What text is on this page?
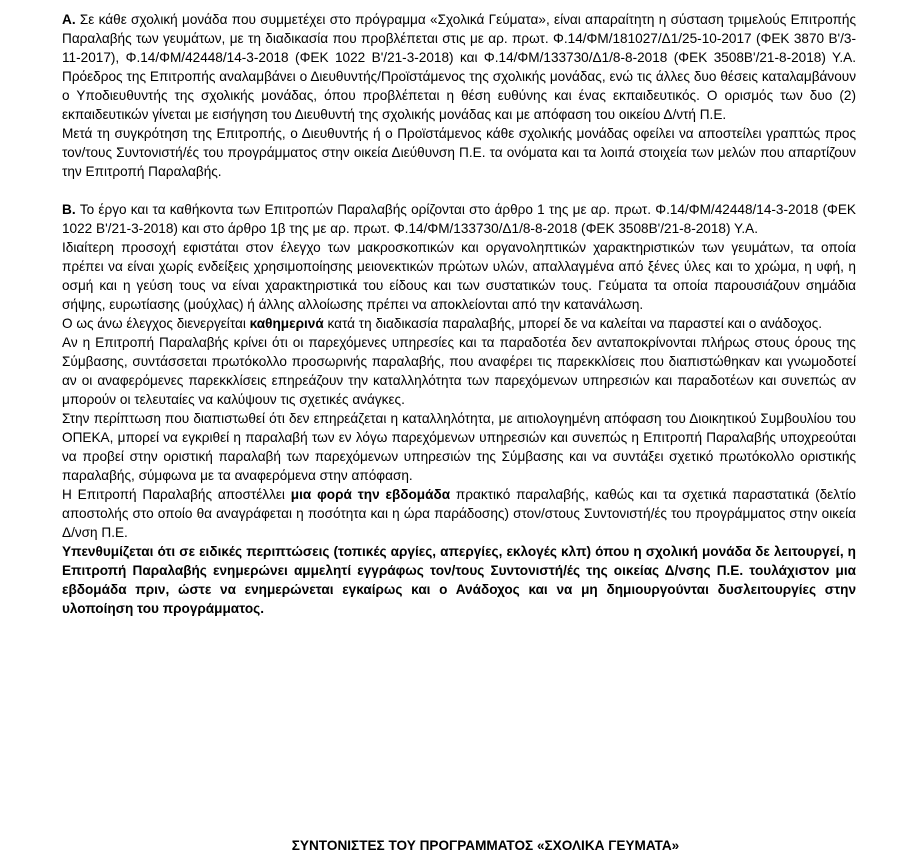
A. Σε κάθε σχολική μονάδα που συμμετέχει στο πρόγραμμα «Σχολικά Γεύματα», είναι απαραίτητη η σύσταση τριμελούς Επιτροπής Παραλαβής των γευμάτων, με τη διαδικασία που προβλέπεται στις με αρ. πρωτ. Φ.14/ΦΜ/181027/Δ1/25-10-2017 (ΦΕΚ 3870 Β'/3-11-2017), Φ.14/ΦΜ/42448/14-3-2018 (ΦΕΚ 1022 Β'/21-3-2018) και Φ.14/ΦΜ/133730/Δ1/8-8-2018 (ΦΕΚ 3508Β'/21-8-2018) Υ.Α. Πρόεδρος της Επιτροπής αναλαμβάνει ο Διευθυντής/Προϊστάμενος της σχολικής μονάδας, ενώ τις άλλες δυο θέσεις καταλαμβάνουν ο Υποδιευθυντής της σχολικής μονάδας, όπου προβλέπεται η θέση ευθύνης και ένας εκπαιδευτικός. Ο ορισμός των δυο (2) εκπαιδευτικών γίνεται με εισήγηση του Διευθυντή της σχολικής μονάδας και με απόφαση του οικείου Δ/ντή Π.Ε.

Μετά τη συγκρότηση της Επιτροπής, ο Διευθυντής ή ο Προϊστάμενος κάθε σχολικής μονάδας οφείλει να αποστείλει γραπτώς προς τον/τους Συντονιστή/ές του προγράμματος στην οικεία Διεύθυνση Π.Ε. τα ονόματα και τα λοιπά στοιχεία των μελών που απαρτίζουν την Επιτροπή Παραλαβής.

B. Το έργο και τα καθήκοντα των Επιτροπών Παραλαβής ορίζονται στο άρθρο 1 της με αρ. πρωτ. Φ.14/ΦΜ/42448/14-3-2018 (ΦΕΚ 1022 Β'/21-3-2018) και στο άρθρο 1β της με αρ. πρωτ. Φ.14/ΦΜ/133730/Δ1/8-8-2018 (ΦΕΚ 3508Β'/21-8-2018) Υ.Α.

Ιδιαίτερη προσοχή εφιστάται στον έλεγχο των μακροσκοπικών και οργανοληπτικών χαρακτηριστικών των γευμάτων, τα οποία πρέπει να είναι χωρίς ενδείξεις χρησιμοποίησης μειονεκτικών πρώτων υλών, απαλλαγμένα από ξένες ύλες και το χρώμα, η υφή, η οσμή και η γεύση τους να είναι χαρακτηριστικά του είδους και των συστατικών τους. Γεύματα τα οποία παρουσιάζουν σημάδια σήψης, ευρωτίασης (μούχλας) ή άλλης αλλοίωσης πρέπει να αποκλείονται από την κατανάλωση.

Ο ως άνω έλεγχος διενεργείται καθημερινά κατά τη διαδικασία παραλαβής, μπορεί δε να καλείται να παραστεί και ο ανάδοχος.

Αν η Επιτροπή Παραλαβής κρίνει ότι οι παρεχόμενες υπηρεσίες και τα παραδοτέα δεν ανταποκρίνονται πλήρως στους όρους της Σύμβασης, συντάσσεται πρωτόκολλο προσωρινής παραλαβής, που αναφέρει τις παρεκκλίσεις που διαπιστώθηκαν και γνωμοδοτεί αν οι αναφερόμενες παρεκκλίσεις επηρεάζουν την καταλληλότητα των παρεχόμενων υπηρεσιών και παραδοτέων και συνεπώς αν μπορούν οι τελευταίες να καλύψουν τις σχετικές ανάγκες.

Στην περίπτωση που διαπιστωθεί ότι δεν επηρεάζεται η καταλληλότητα, με αιτιολογημένη απόφαση του Διοικητικού Συμβουλίου του ΟΠΕΚΑ, μπορεί να εγκριθεί η παραλαβή των εν λόγω παρεχόμενων υπηρεσιών και συνεπώς η Επιτροπή Παραλαβής υποχρεούται να προβεί στην οριστική παραλαβή των παρεχόμενων υπηρεσιών της Σύμβασης και να συντάξει σχετικό πρωτόκολλο οριστικής παραλαβής, σύμφωνα με τα αναφερόμενα στην απόφαση.

Η Επιτροπή Παραλαβής αποστέλλει μια φορά την εβδομάδα πρακτικό παραλαβής, καθώς και τα σχετικά παραστατικά (δελτίο αποστολής στο οποίο θα αναγράφεται η ποσότητα και η ώρα παράδοσης) στον/στους Συντονιστή/ές του προγράμματος στην οικεία Δ/νση Π.Ε.

Υπενθυμίζεται ότι σε ειδικές περιπτώσεις (τοπικές αργίες, απεργίες, εκλογές κλπ) όπου η σχολική μονάδα δε λειτουργεί, η Επιτροπή Παραλαβής ενημερώνει αμμελητί εγγράφως τον/τους Συντονιστή/ές της οικείας Δ/νσης Π.Ε. τουλάχιστον μια εβδομάδα πριν, ώστε να ενημερώνεται εγκαίρως και ο Ανάδοχος και να μη δημιουργούνται δυσλειτουργίες στην υλοποίηση του προγράμματος.

ΣΥΝΤΟΝΙΣΤΕΣ ΤΟΥ ΠΡΟΓΡΑΜΜΑΤΟΣ «ΣΧΟΛΙΚΑ ΓΕΥΜΑΤΑ»
